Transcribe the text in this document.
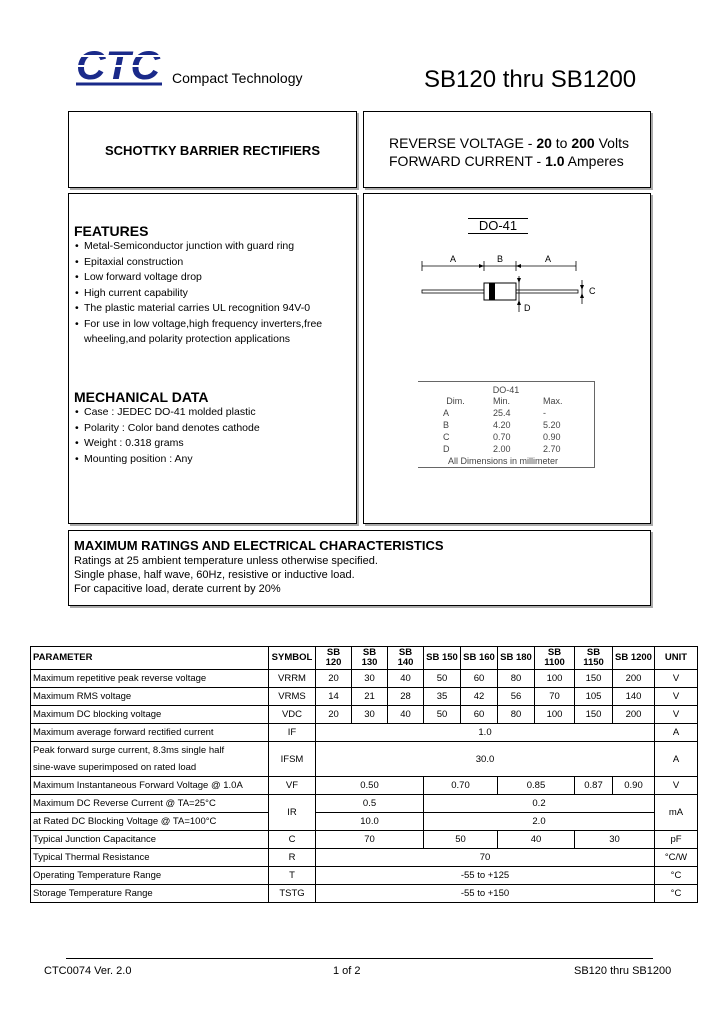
CTC Compact Technology	SB120 thru SB1200
SCHOTTKY BARRIER RECTIFIERS	REVERSE VOLTAGE - 20 to 200 Volts
FORWARD CURRENT - 1.0 Amperes
FEATURES
• Metal-Semiconductor junction with guard ring
• Epitaxial construction
• Low forward voltage drop
• High current capability
• The plastic material carries UL recognition 94V-0
• For use in low voltage,high frequency inverters,free wheeling,and polarity protection applications
MECHANICAL DATA
• Case : JEDEC DO-41 molded plastic
• Polarity : Color band denotes cathode
• Weight : 0.318 grams
• Mounting position : Any
DO-41
A	B	A
C
D
DO-41
Dim.	Min.	Max.
A	25.4	-
B	4.20	5.20
C	0.70	0.90
D	2.00	2.70
All Dimensions in millimeter
MAXIMUM RATINGS AND ELECTRICAL CHARACTERISTICS
Ratings at 25 ambient temperature unless otherwise specified.
Single phase, half wave, 60Hz, resistive or inductive load.
For capacitive load, derate current by 20%
PARAMETER	SYMBOL	SB 120	SB 130	SB 140	SB 150	SB 160	SB 180	SB 1100	SB 1150	SB 1200	UNIT
Maximum repetitive peak reverse voltage	VRRM	20	30	40	50	60	80	100	150	200	V
Maximum RMS voltage	VRMS	14	21	28	35	42	56	70	105	140	V
Maximum DC blocking voltage	VDC	20	30	40	50	60	80	100	150	200	V
Maximum average forward rectified current	IF	1.0									A

Peak forward surge current, 8.3ms single half
sine-wave superimposed on rated load	IFSM	30.0									A
Maximum Instantaneous Forward Voltage @ 1.0A	VF	0.50			0.70		0.85		0.87	0.90	V
Maximum DC Reverse Current @ TA=25°C	IR	0.5			0.2						mA
at Rated DC Blocking Voltage @ TA=100°C		10.0			2.0						
Typical Junction Capacitance	C	70			50		40		30		pF
Typical Thermal Resistance	R	70									°C/W
Operating Temperature Range	T	-55 to +125									°C
Storage Temperature Range	TSTG	-55 to +150									°C
CTC0074 Ver. 2.0	1 of 2	SB120 thru SB1200
